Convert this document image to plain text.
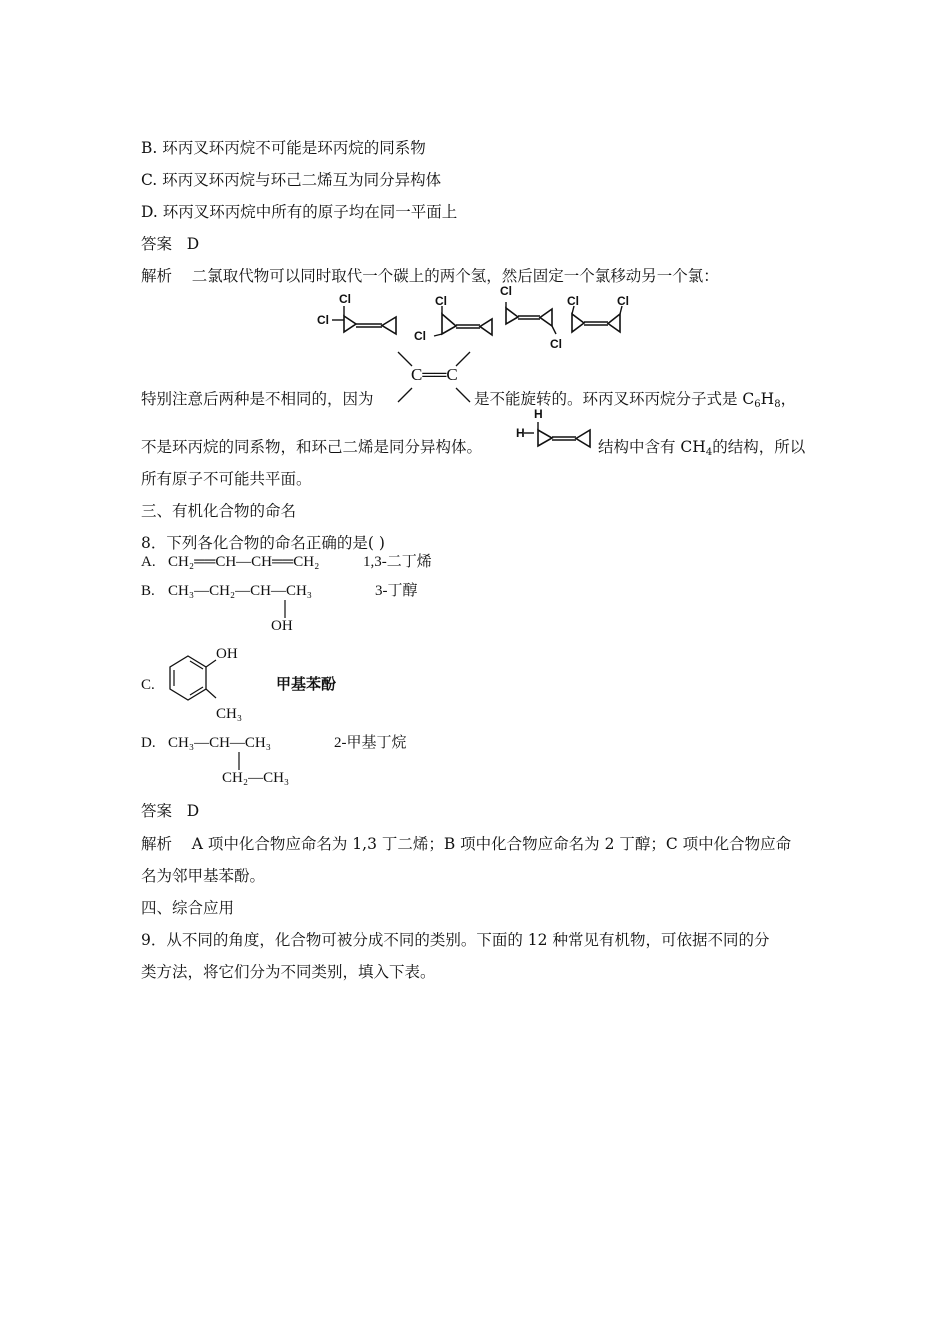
B. 环丙叉环丙烷不可能是环丙烷的同系物
C. 环丙叉环丙烷与环己二烯互为同分异构体
D. 环丙叉环丙烷中所有的原子均在同一平面上
答案 D
解析 二氯取代物可以同时取代一个碳上的两个氢，然后固定一个氯移动另一个氯：
Cl
Cl
Cl
Cl
Cl
Cl
Cl	Cl
C══C
特别注意后两种是不相同的，因为	是不能旋转的。环丙叉环丙烷分子式是 $C_6H_8$，
不是环丙烷的同系物，和环己二烯是同分异构体。
H
H
结构中含有 $CH_4$的结构，所以
所有原子不可能共平面。
三、有机化合物的命名
8．下列各化合物的命名正确的是( )
A. CH₂══CH—CH══CH₂	1,3-二丁烯
B. CH₃—CH₂—CH—CH₃	3-丁醇
OH
C.
OH
CH₃
甲基苯酚
D. CH₃—CH—CH₃	2-甲基丁烷
CH₂—CH₃
答案 D
解析 A 项中化合物应命名为 1,3 丁二烯；B 项中化合物应命名为 2 丁醇；C 项中化合物应命
名为邻甲基苯酚。
四、综合应用
9．从不同的角度，化合物可被分成不同的类别。下面的 12 种常见有机物，可依据不同的分
类方法，将它们分为不同类别，填入下表。
